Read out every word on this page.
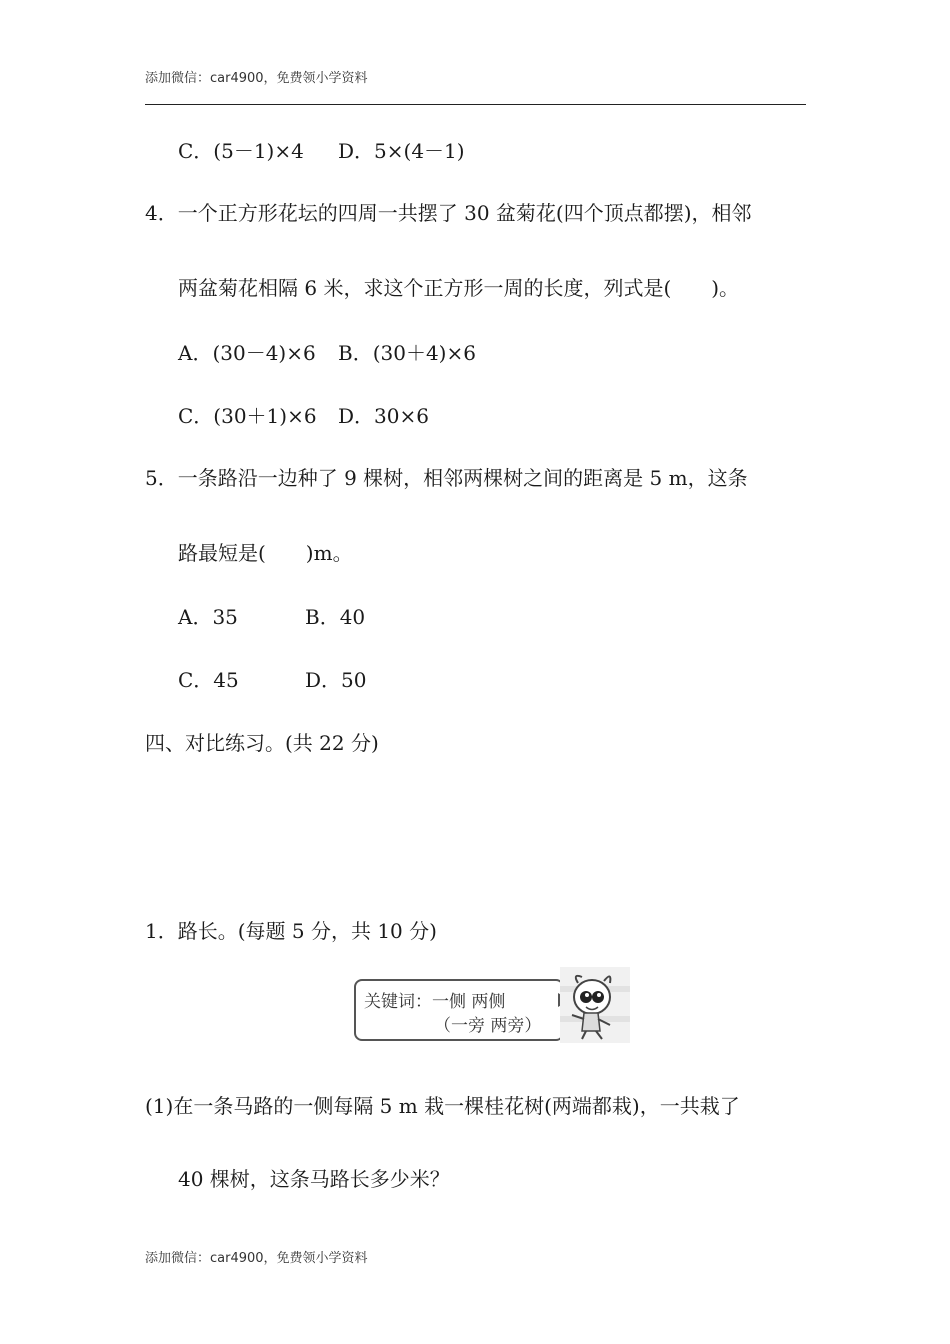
添加微信：car4900，免费领小学资料
C．(5－1)×4 D．5×(4－1)
4．一个正方形花坛的四周一共摆了 30 盆菊花(四个顶点都摆)，相邻
两盆菊花相隔 6 米，求这个正方形一周的长度，列式是(　　)。
A．(30－4)×6 B．(30＋4)×6
C．(30＋1)×6 D．30×6
5．一条路沿一边种了 9 棵树，相邻两棵树之间的距离是 5 m，这条
路最短是(　　)m。
A．35	B．40
C．45	D．50
四、对比练习。(共 22 分)
1．路长。(每题 5 分，共 10 分)
关键词：一侧 两侧
（一旁 两旁）
(1)在一条马路的一侧每隔 5 m 栽一棵桂花树(两端都栽)，一共栽了
40 棵树，这条马路长多少米？
添加微信：car4900，免费领小学资料
